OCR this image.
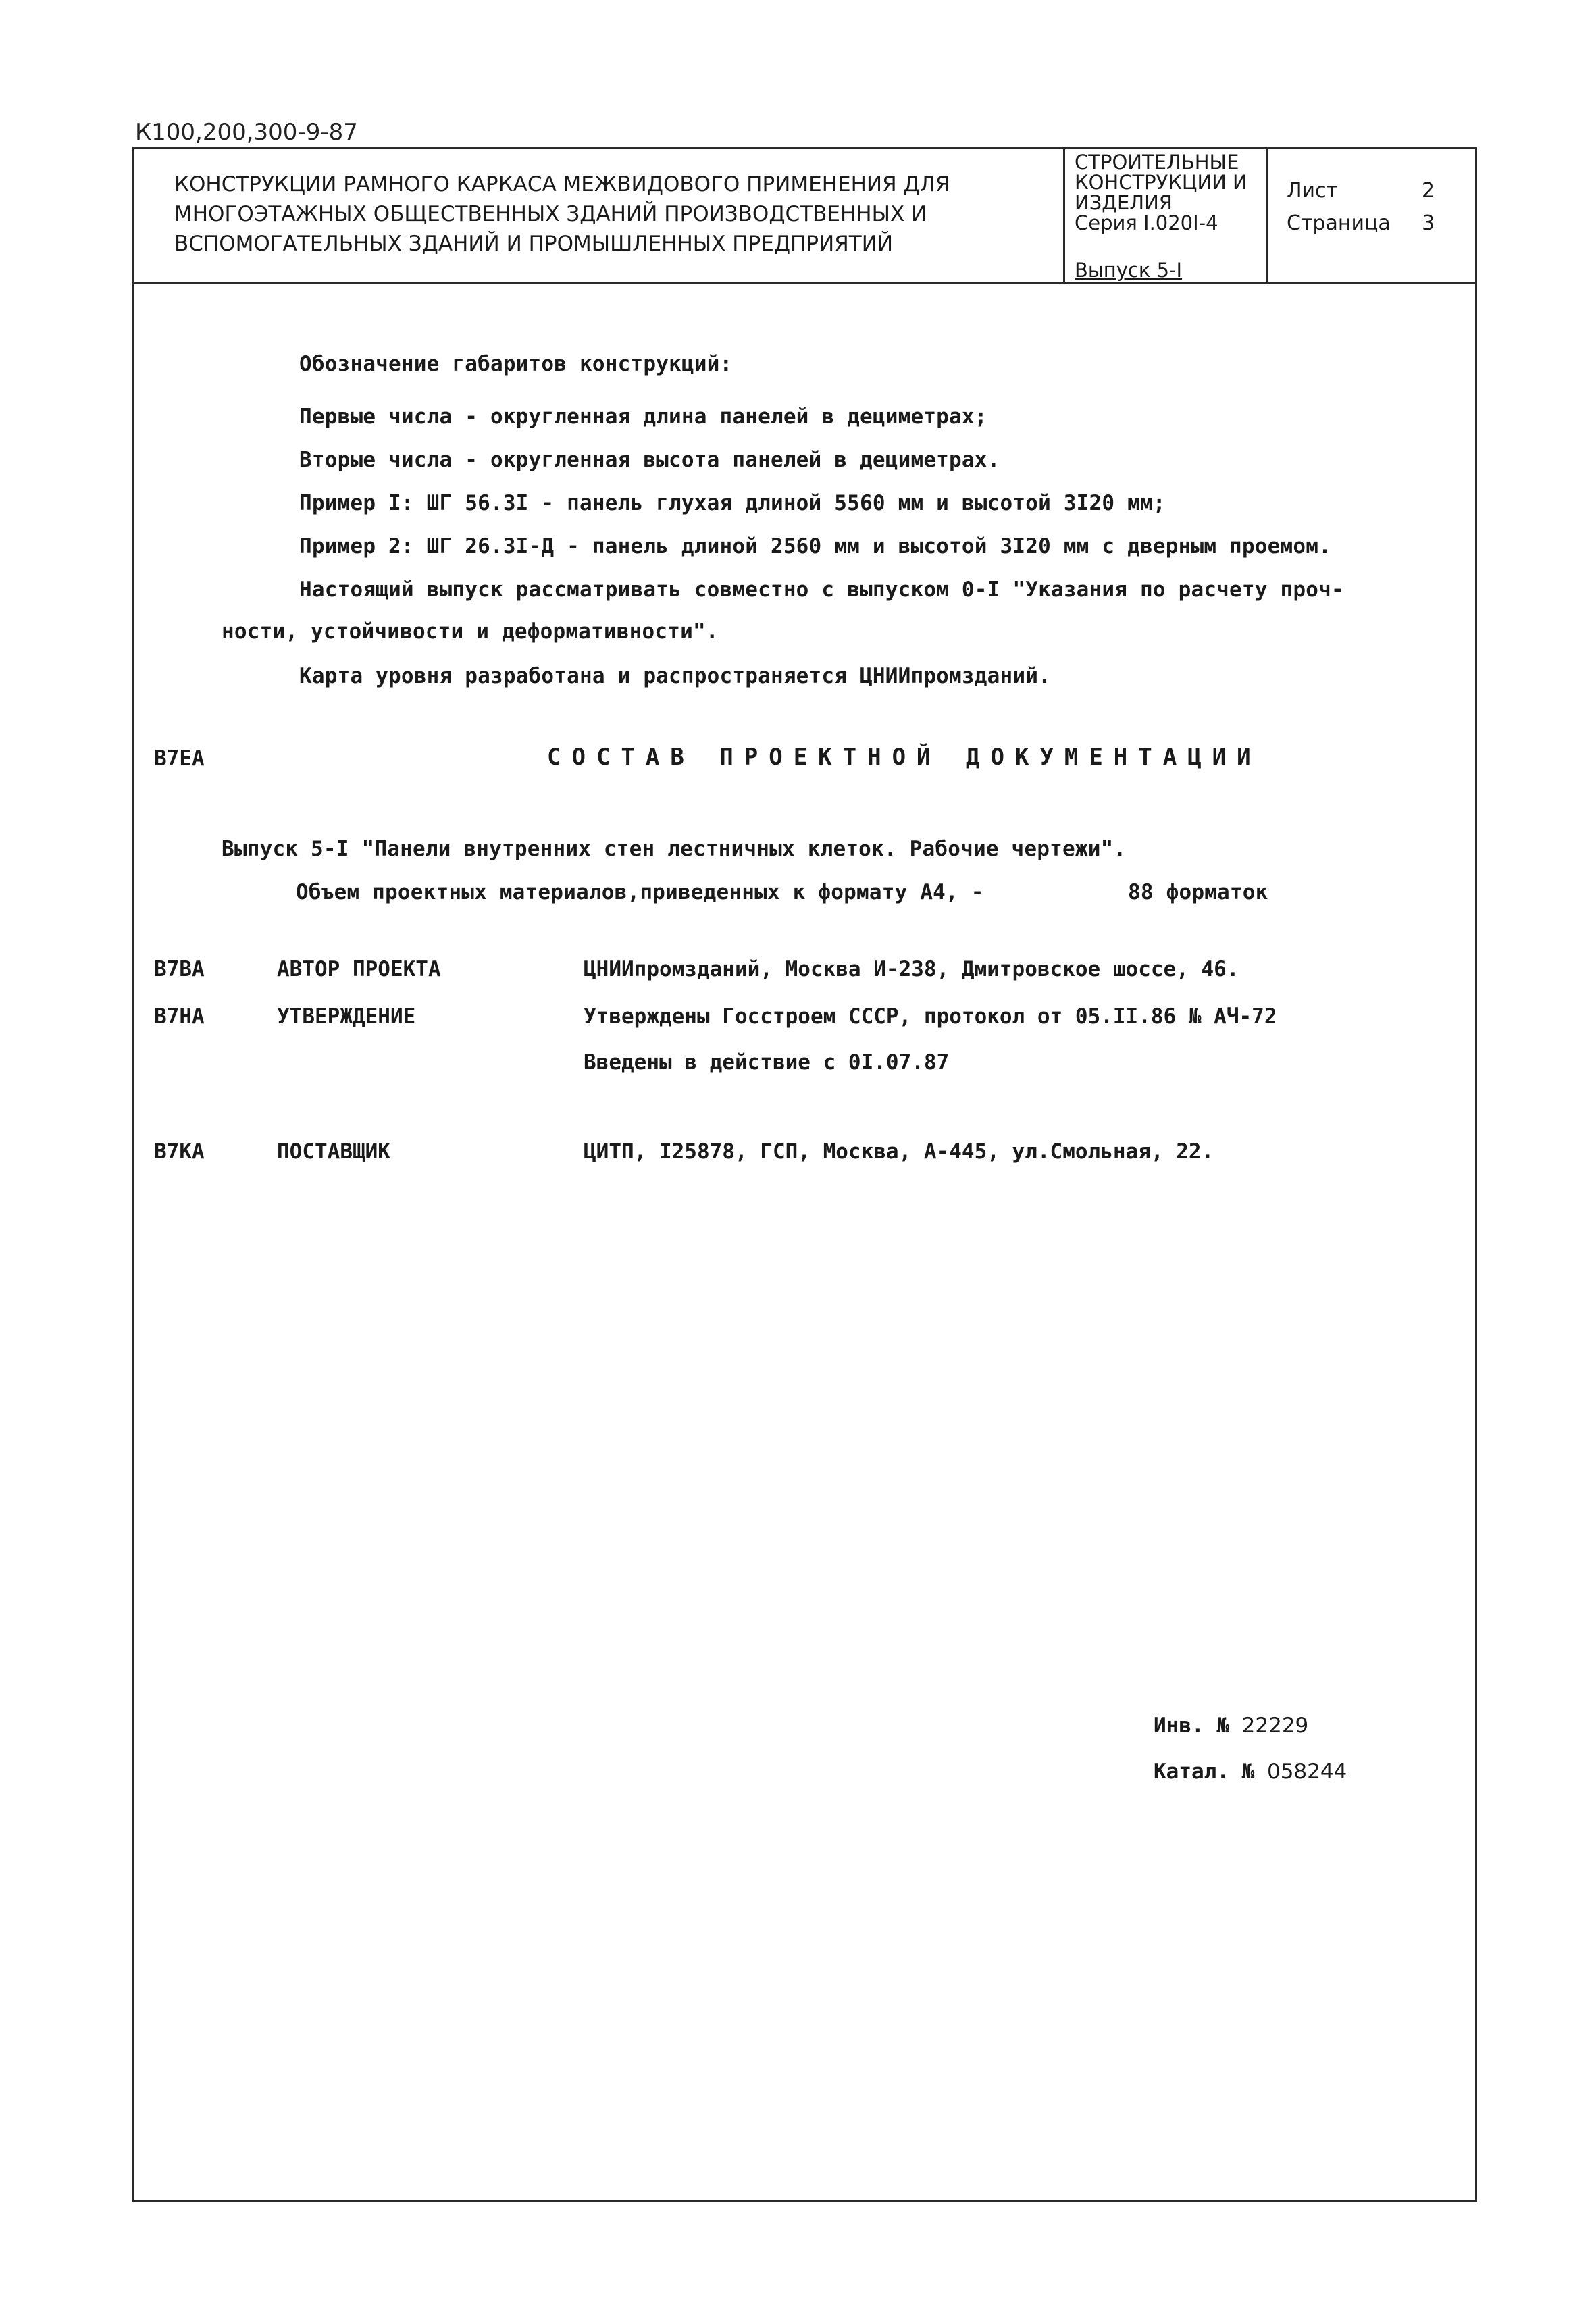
К100,200,300-9-87
КОНСТРУКЦИИ РАМНОГО КАРКАСА МЕЖВИДОВОГО ПРИМЕНЕНИЯ ДЛЯ
МНОГОЭТАЖНЫХ ОБЩЕСТВЕННЫХ ЗДАНИЙ ПРОИЗВОДСТВЕННЫХ И
ВСПОМОГАТЕЛЬНЫХ ЗДАНИЙ И ПРОМЫШЛЕННЫХ ПРЕДПРИЯТИЙ
СТРОИТЕЛЬНЫЕ
КОНСТРУКЦИИ И
ИЗДЕЛИЯ
Серия I.020I-4
Выпуск 5-I
Лист	2
Страница	3
Обозначение габаритов конструкций:
Первые числа - округленная длина панелей в дециметрах;
Вторые числа - округленная высота панелей в дециметрах.
Пример I: ШГ 56.3I - панель глухая длиной 5560 мм и высотой 3I20 мм;
Пример 2: ШГ 26.3I-Д - панель длиной 2560 мм и высотой 3I20 мм с дверным проемом.
Настоящий выпуск рассматривать совместно с выпуском 0-I "Указания по расчету проч-
ности, устойчивости и деформативности".
Карта уровня разработана и распространяется ЦНИИпромзданий.
B7EA	СОСТАВ ПРОЕКТНОЙ ДОКУМЕНТАЦИИ
Выпуск 5-I "Панели внутренних стен лестничных клеток. Рабочие чертежи".
Объем проектных материалов,приведенных к формату А4, -	88 форматок
B7BA	АВТОР ПРОЕКТА	ЦНИИпромзданий, Москва И-238, Дмитровское шоссе, 46.
B7HA	УТВЕРЖДЕНИЕ	Утверждены Госстроем СССР, протокол от 05.II.86 № АЧ-72
Введены в действие с 0I.07.87
B7KA	ПОСТАВЩИК	ЦИТП, I25878, ГСП, Москва, А-445, ул.Смольная, 22.
Инв. № 22229
Катал. № 058244
